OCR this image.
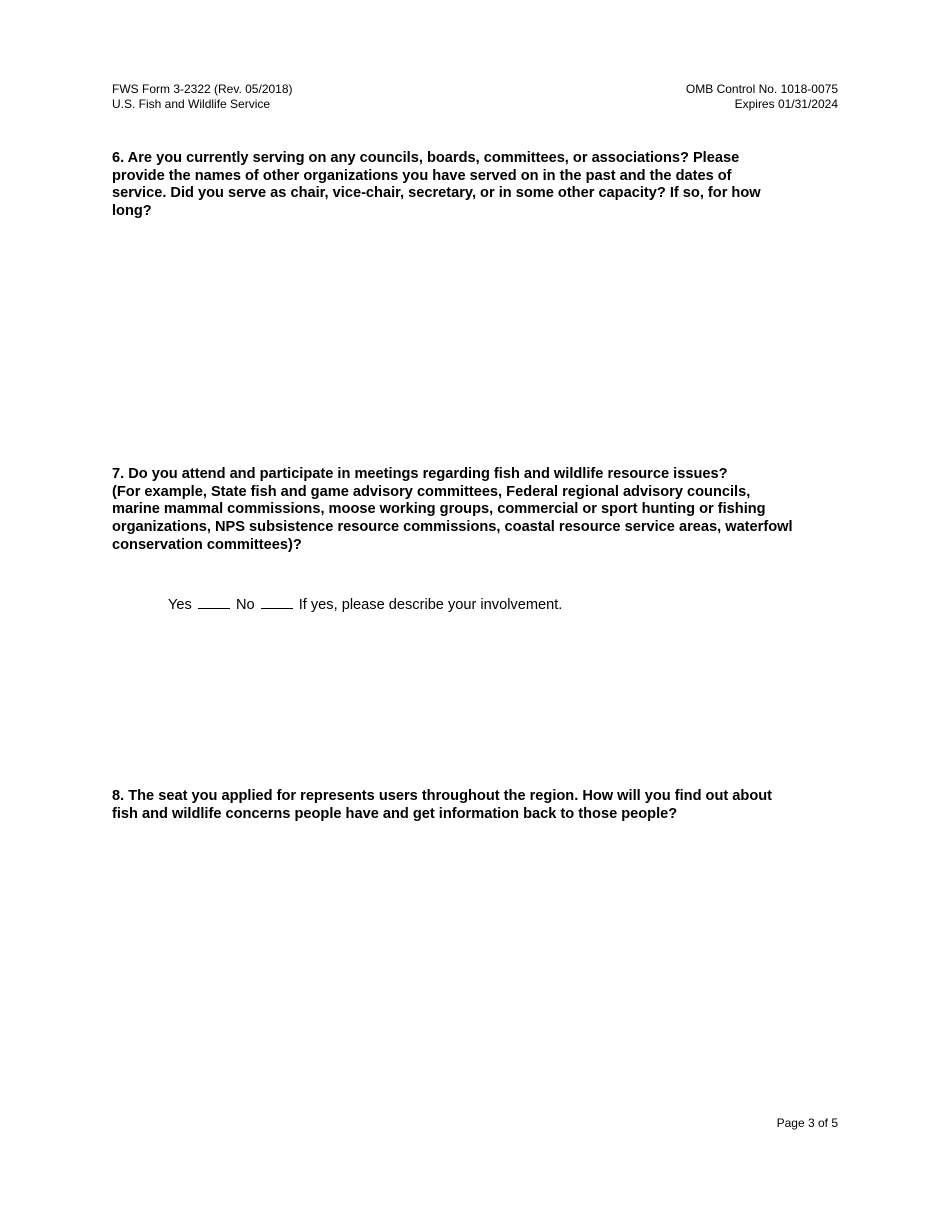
FWS Form 3-2322 (Rev. 05/2018)
U.S. Fish and Wildlife Service
OMB Control No. 1018-0075
Expires 01/31/2024
6. Are you currently serving on any councils, boards, committees, or associations? Please
provide the names of other organizations you have served on in the past and the dates of
service. Did you serve as chair, vice-chair, secretary, or in some other capacity? If so, for how
long?
7. Do you attend and participate in meetings regarding fish and wildlife resource issues?
(For example, State fish and game advisory committees, Federal regional advisory councils,
marine mammal commissions, moose working groups, commercial or sport hunting or fishing
organizations, NPS subsistence resource commissions, coastal resource service areas, waterfowl
conservation committees)?
Yes	No	If yes, please describe your involvement.
8. The seat you applied for represents users throughout the region. How will you find out about
fish and wildlife concerns people have and get information back to those people?
Page 3 of 5
